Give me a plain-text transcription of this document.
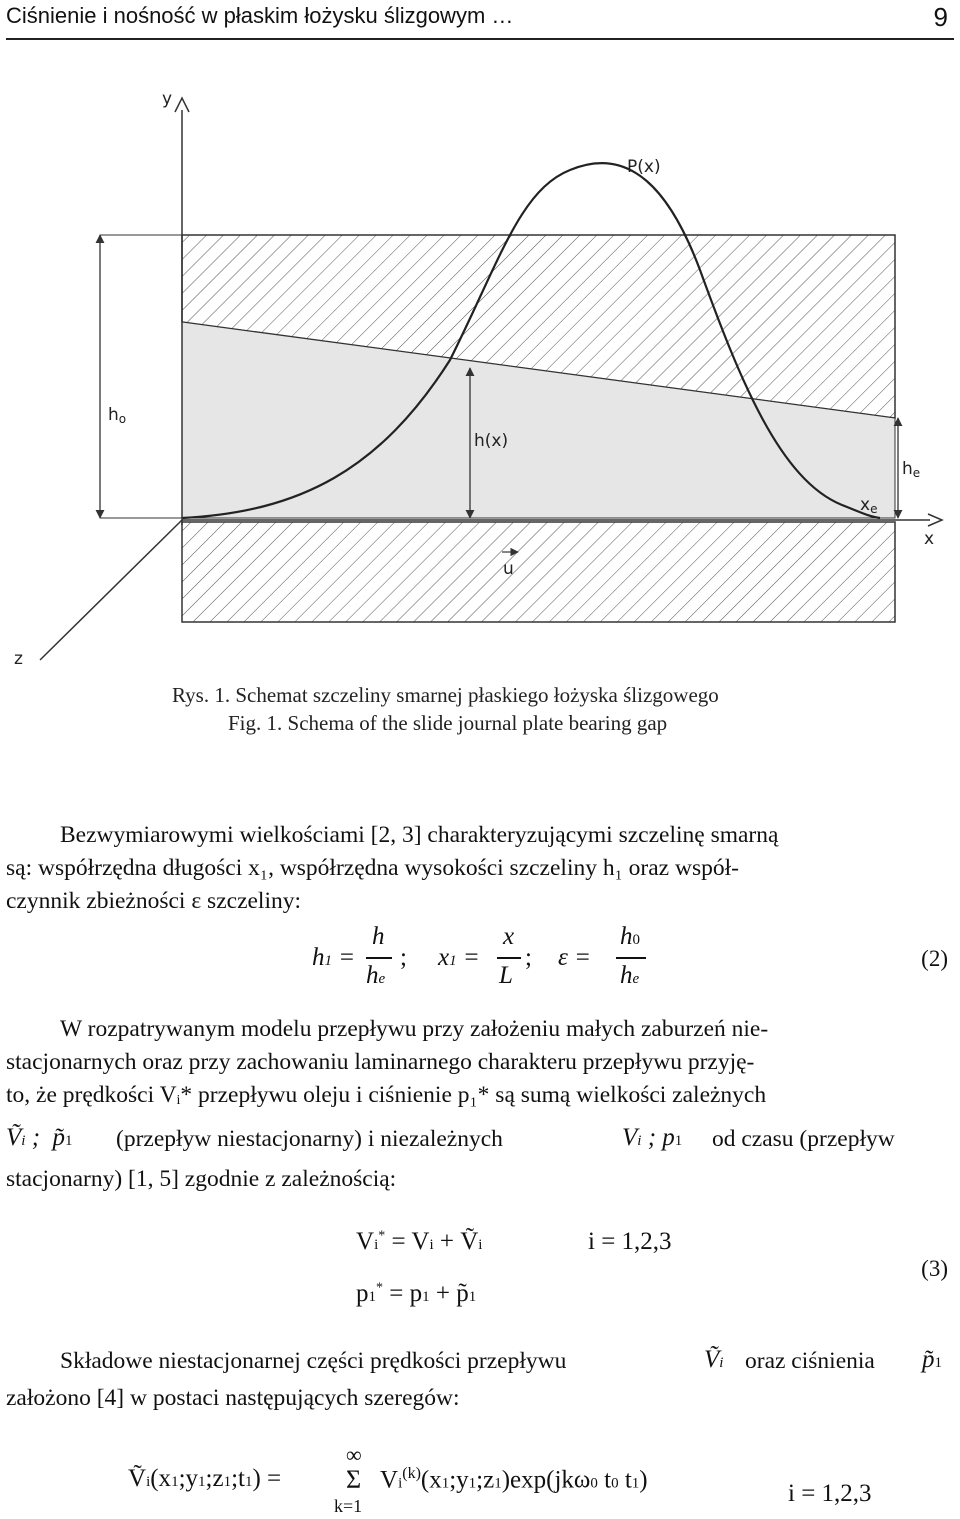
Ciśnienie i nośność w płaskim łożysku ślizgowym …	9
y
x
z
P(x)
ho
h(x)
he
xe
u
Rys. 1. Schemat szczeliny smarnej płaskiego łożyska ślizgowego
Fig. 1. Schema of the slide journal plate bearing gap
Bezwymiarowymi wielkościami [2, 3] charakteryzującymi szczelinę smarną
są: współrzędna długości x₁, współrzędna wysokości szczeliny h₁ oraz współ-
czynnik zbieżności ε szczeliny:
h1 =
h
he
; x1 =
x
L
; ε =
h0
he
(2)
W rozpatrywanym modelu przepływu przy założeniu małych zaburzeń nie-
stacjonarnych oraz przy zachowaniu laminarnego charakteru przepływu przyję-
to, że prędkości Vᵢ* przepływu oleju i ciśnienie p₁* są sumą wielkości zależnych
Ṽi ;  p̃1 (przepływ niestacjonarny) i niezależnych	Vi ; p1 od czasu (przepływ
stacjonarny) [1, 5] zgodnie z zależnością:
Vi* = Vi + Ṽi	i = 1,2,3
p1* = p1 + p̃1
(3)
Składowe niestacjonarnej części prędkości przepływu	Ṽi oraz ciśnienia p̃1
założono [4] w postaci następujących szeregów:
Ṽi(x1;y1;z1;t1) =
∞
Σ
k=1
Vi$^{(k)}$(x1;y1;z1)exp(jkω0 t0 t1)
i = 1,2,3
